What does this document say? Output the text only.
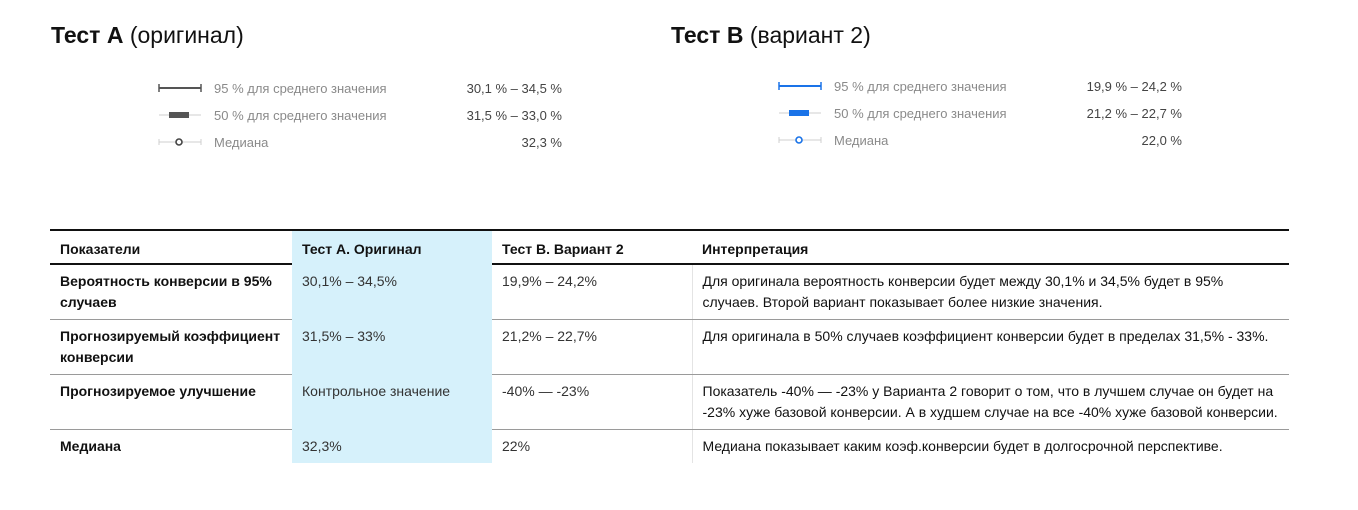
Тест А (оригинал)
95 % для среднего значения	30,1 % – 34,5 %
50 % для среднего значения	31,5 % – 33,0 %
Медиана	32,3 %
Тест B (вариант 2)
95 % для среднего значения	19,9 % – 24,2 %
50 % для среднего значения	21,2 % – 22,7 %
Медиана	22,0 %
Показатели	Тест А. Оригинал	Тест В. Вариант 2	Интерпретация
Вероятность конверсии в 95% случаев	30,1% – 34,5%	19,9% – 24,2%	Для оригинала вероятность конверсии будет между 30,1% и 34,5% будет в 95% случаев. Второй вариант показывает более низкие значения.
Прогнозируемый коэффициент конверсии	31,5% – 33%	21,2% – 22,7%	Для оригинала в 50% случаев коэффициент конверсии будет в пределах 31,5% - 33%.
Прогнозируемое улучшение	Контрольное значение	-40% — -23%	Показатель -40% — -23% у Варианта 2 говорит о том, что в лучшем случае он будет на -23% хуже базовой конверсии. А в худшем случае на все -40% хуже базовой конверсии.
Медиана	32,3%	22%	Медиана показывает каким коэф.конверсии будет в долгосрочной перспективе.
